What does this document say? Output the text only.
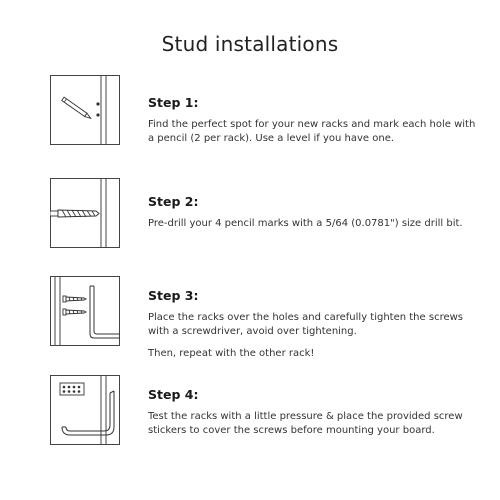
Stud installations

Step 1:

Find the perfect spot for your new racks and mark each hole with a pencil (2 per rack). Use a level if you have one.

Step 2:

Pre-drill your 4 pencil marks with a 5/64 (0.0781") size drill bit.

Step 3:

Place the racks over the holes and carefully tighten the screws with a screwdriver, avoid over tightening.

Then, repeat with the other rack!

Step 4:

Test the racks with a little pressure & place the provided screw stickers to cover the screws before mounting your board.
